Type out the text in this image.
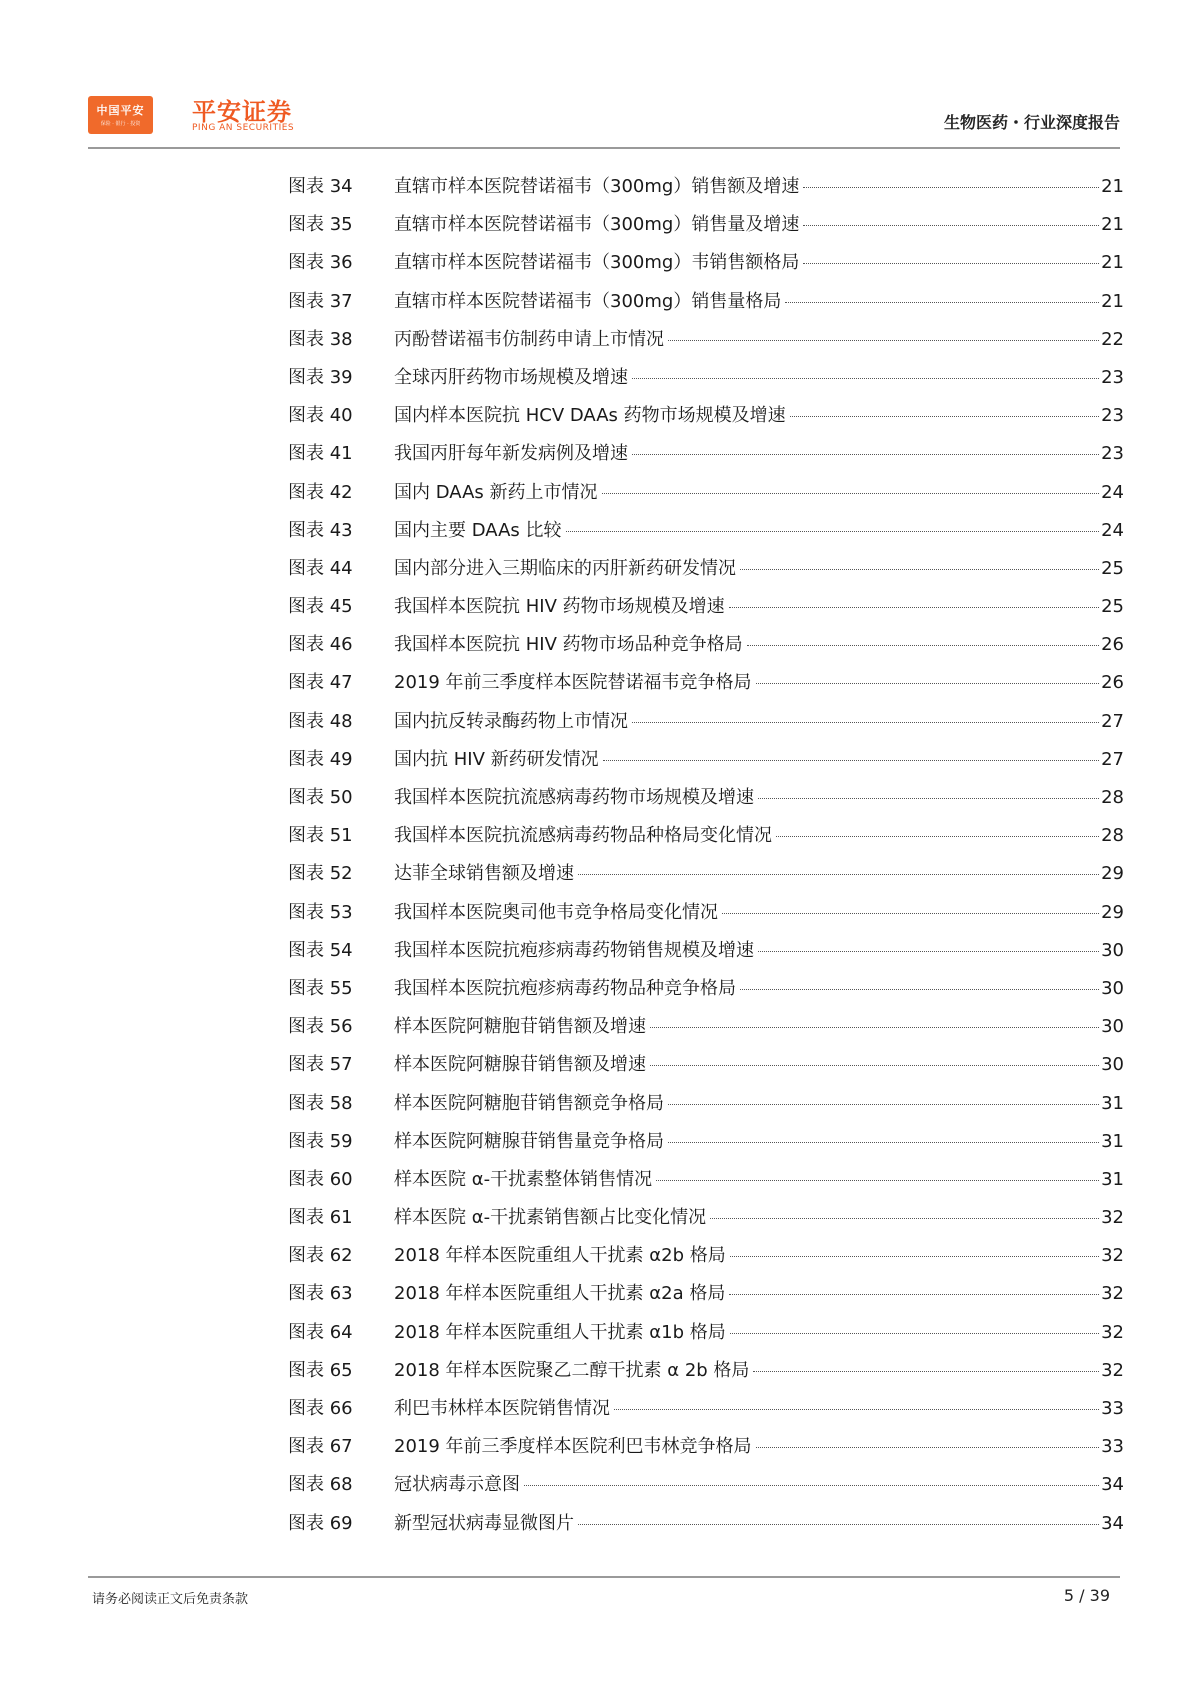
中国平安
保险 · 银行 · 投资	平安证券
PING AN SECURITIES	生物医药・行业深度报告
图表 34 直辖市样本医院替诺福韦（300mg）销售额及增速	21
图表 35 直辖市样本医院替诺福韦（300mg）销售量及增速	21
图表 36 直辖市样本医院替诺福韦（300mg）韦销售额格局	21
图表 37 直辖市样本医院替诺福韦（300mg）销售量格局	21
图表 38 丙酚替诺福韦仿制药申请上市情况	22
图表 39 全球丙肝药物市场规模及增速	23
图表 40 国内样本医院抗 HCV DAAs 药物市场规模及增速	23
图表 41 我国丙肝每年新发病例及增速	23
图表 42 国内 DAAs 新药上市情况	24
图表 43 国内主要 DAAs 比较	24
图表 44 国内部分进入三期临床的丙肝新药研发情况	25
图表 45 我国样本医院抗 HIV 药物市场规模及增速	25
图表 46 我国样本医院抗 HIV 药物市场品种竞争格局	26
图表 47 2019 年前三季度样本医院替诺福韦竞争格局	26
图表 48 国内抗反转录酶药物上市情况	27
图表 49 国内抗 HIV 新药研发情况	27
图表 50 我国样本医院抗流感病毒药物市场规模及增速	28
图表 51 我国样本医院抗流感病毒药物品种格局变化情况	28
图表 52 达菲全球销售额及增速	29
图表 53 我国样本医院奥司他韦竞争格局变化情况	29
图表 54 我国样本医院抗疱疹病毒药物销售规模及增速	30
图表 55 我国样本医院抗疱疹病毒药物品种竞争格局	30
图表 56 样本医院阿糖胞苷销售额及增速	30
图表 57 样本医院阿糖腺苷销售额及增速	30
图表 58 样本医院阿糖胞苷销售额竞争格局	31
图表 59 样本医院阿糖腺苷销售量竞争格局	31
图表 60 样本医院 α-干扰素整体销售情况	31
图表 61 样本医院 α-干扰素销售额占比变化情况	32
图表 62 2018 年样本医院重组人干扰素 α2b 格局	32
图表 63 2018 年样本医院重组人干扰素 α2a 格局	32
图表 64 2018 年样本医院重组人干扰素 α1b 格局	32
图表 65 2018 年样本医院聚乙二醇干扰素 α 2b 格局	32
图表 66 利巴韦林样本医院销售情况	33
图表 67 2019 年前三季度样本医院利巴韦林竞争格局	33
图表 68 冠状病毒示意图	34
图表 69 新型冠状病毒显微图片	34
请务必阅读正文后免责条款	5 / 39
